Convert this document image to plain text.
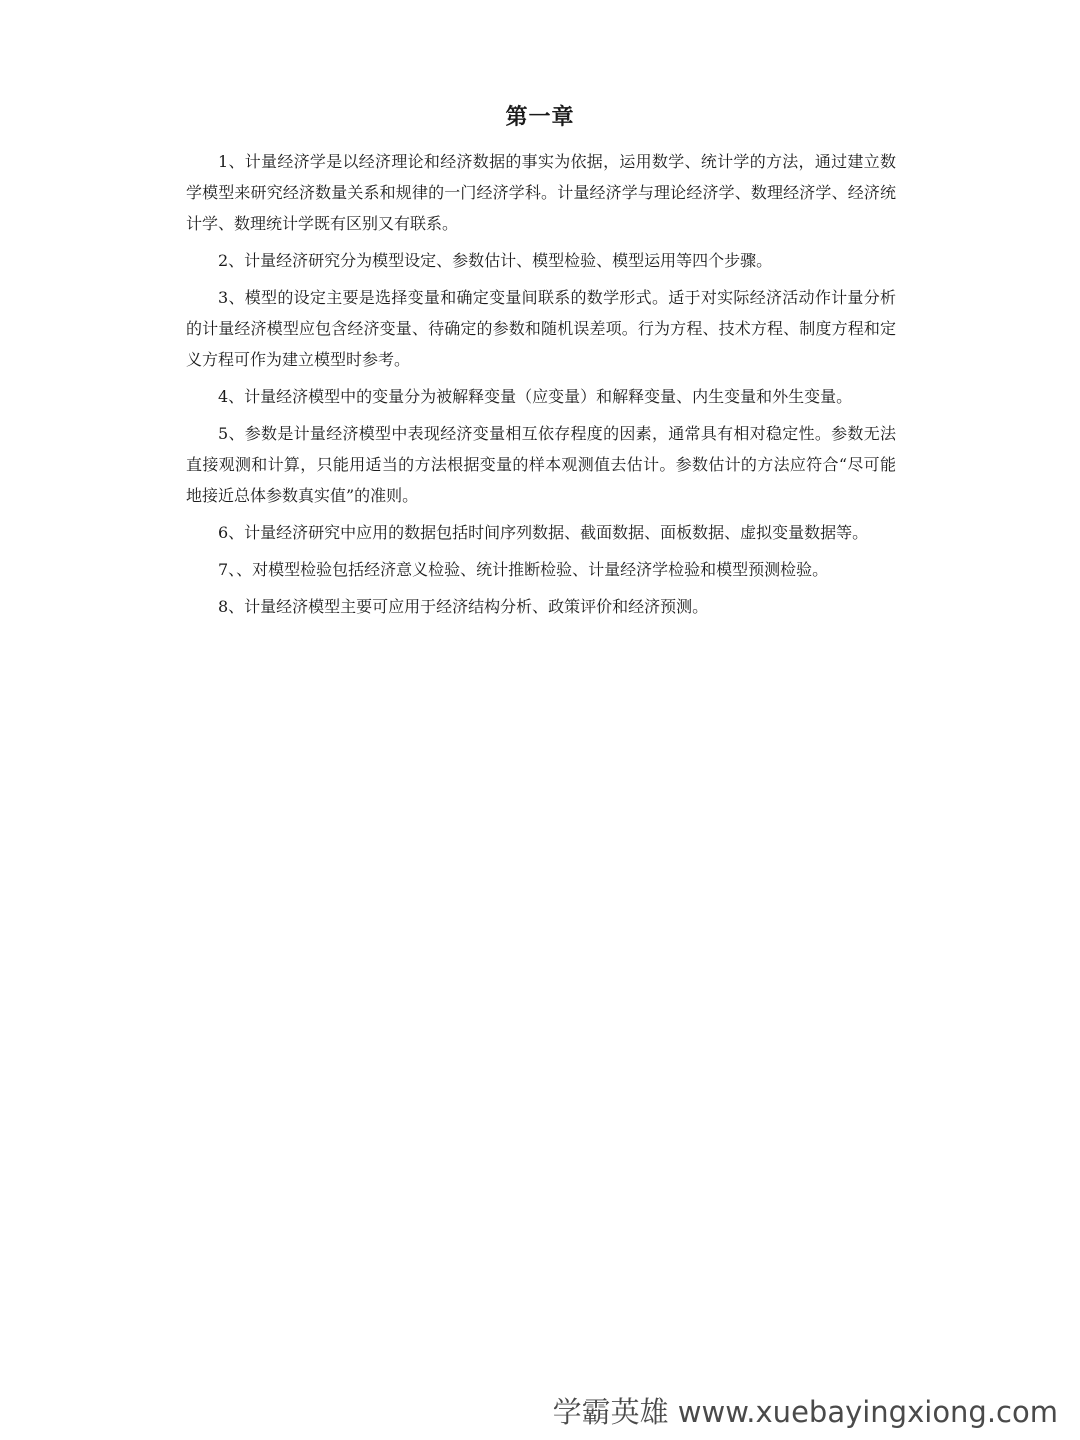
第一章

1、计量经济学是以经济理论和经济数据的事实为依据，运用数学、统计学的方法，通过建立数学模型来研究经济数量关系和规律的一门经济学科。计量经济学与理论经济学、数理经济学、经济统计学、数理统计学既有区别又有联系。

2、计量经济研究分为模型设定、参数估计、模型检验、模型运用等四个步骤。

3、模型的设定主要是选择变量和确定变量间联系的数学形式。适于对实际经济活动作计量分析的计量经济模型应包含经济变量、待确定的参数和随机误差项。行为方程、技术方程、制度方程和定义方程可作为建立模型时参考。

4、计量经济模型中的变量分为被解释变量（应变量）和解释变量、内生变量和外生变量。

5、参数是计量经济模型中表现经济变量相互依存程度的因素，通常具有相对稳定性。参数无法直接观测和计算，只能用适当的方法根据变量的样本观测值去估计。参数估计的方法应符合“尽可能地接近总体参数真实值”的准则。

6、计量经济研究中应用的数据包括时间序列数据、截面数据、面板数据、虚拟变量数据等。

7、、对模型检验包括经济意义检验、统计推断检验、计量经济学检验和模型预测检验。

8、计量经济模型主要可应用于经济结构分析、政策评价和经济预测。

学霸英雄 www.xuebayingxiong.com
